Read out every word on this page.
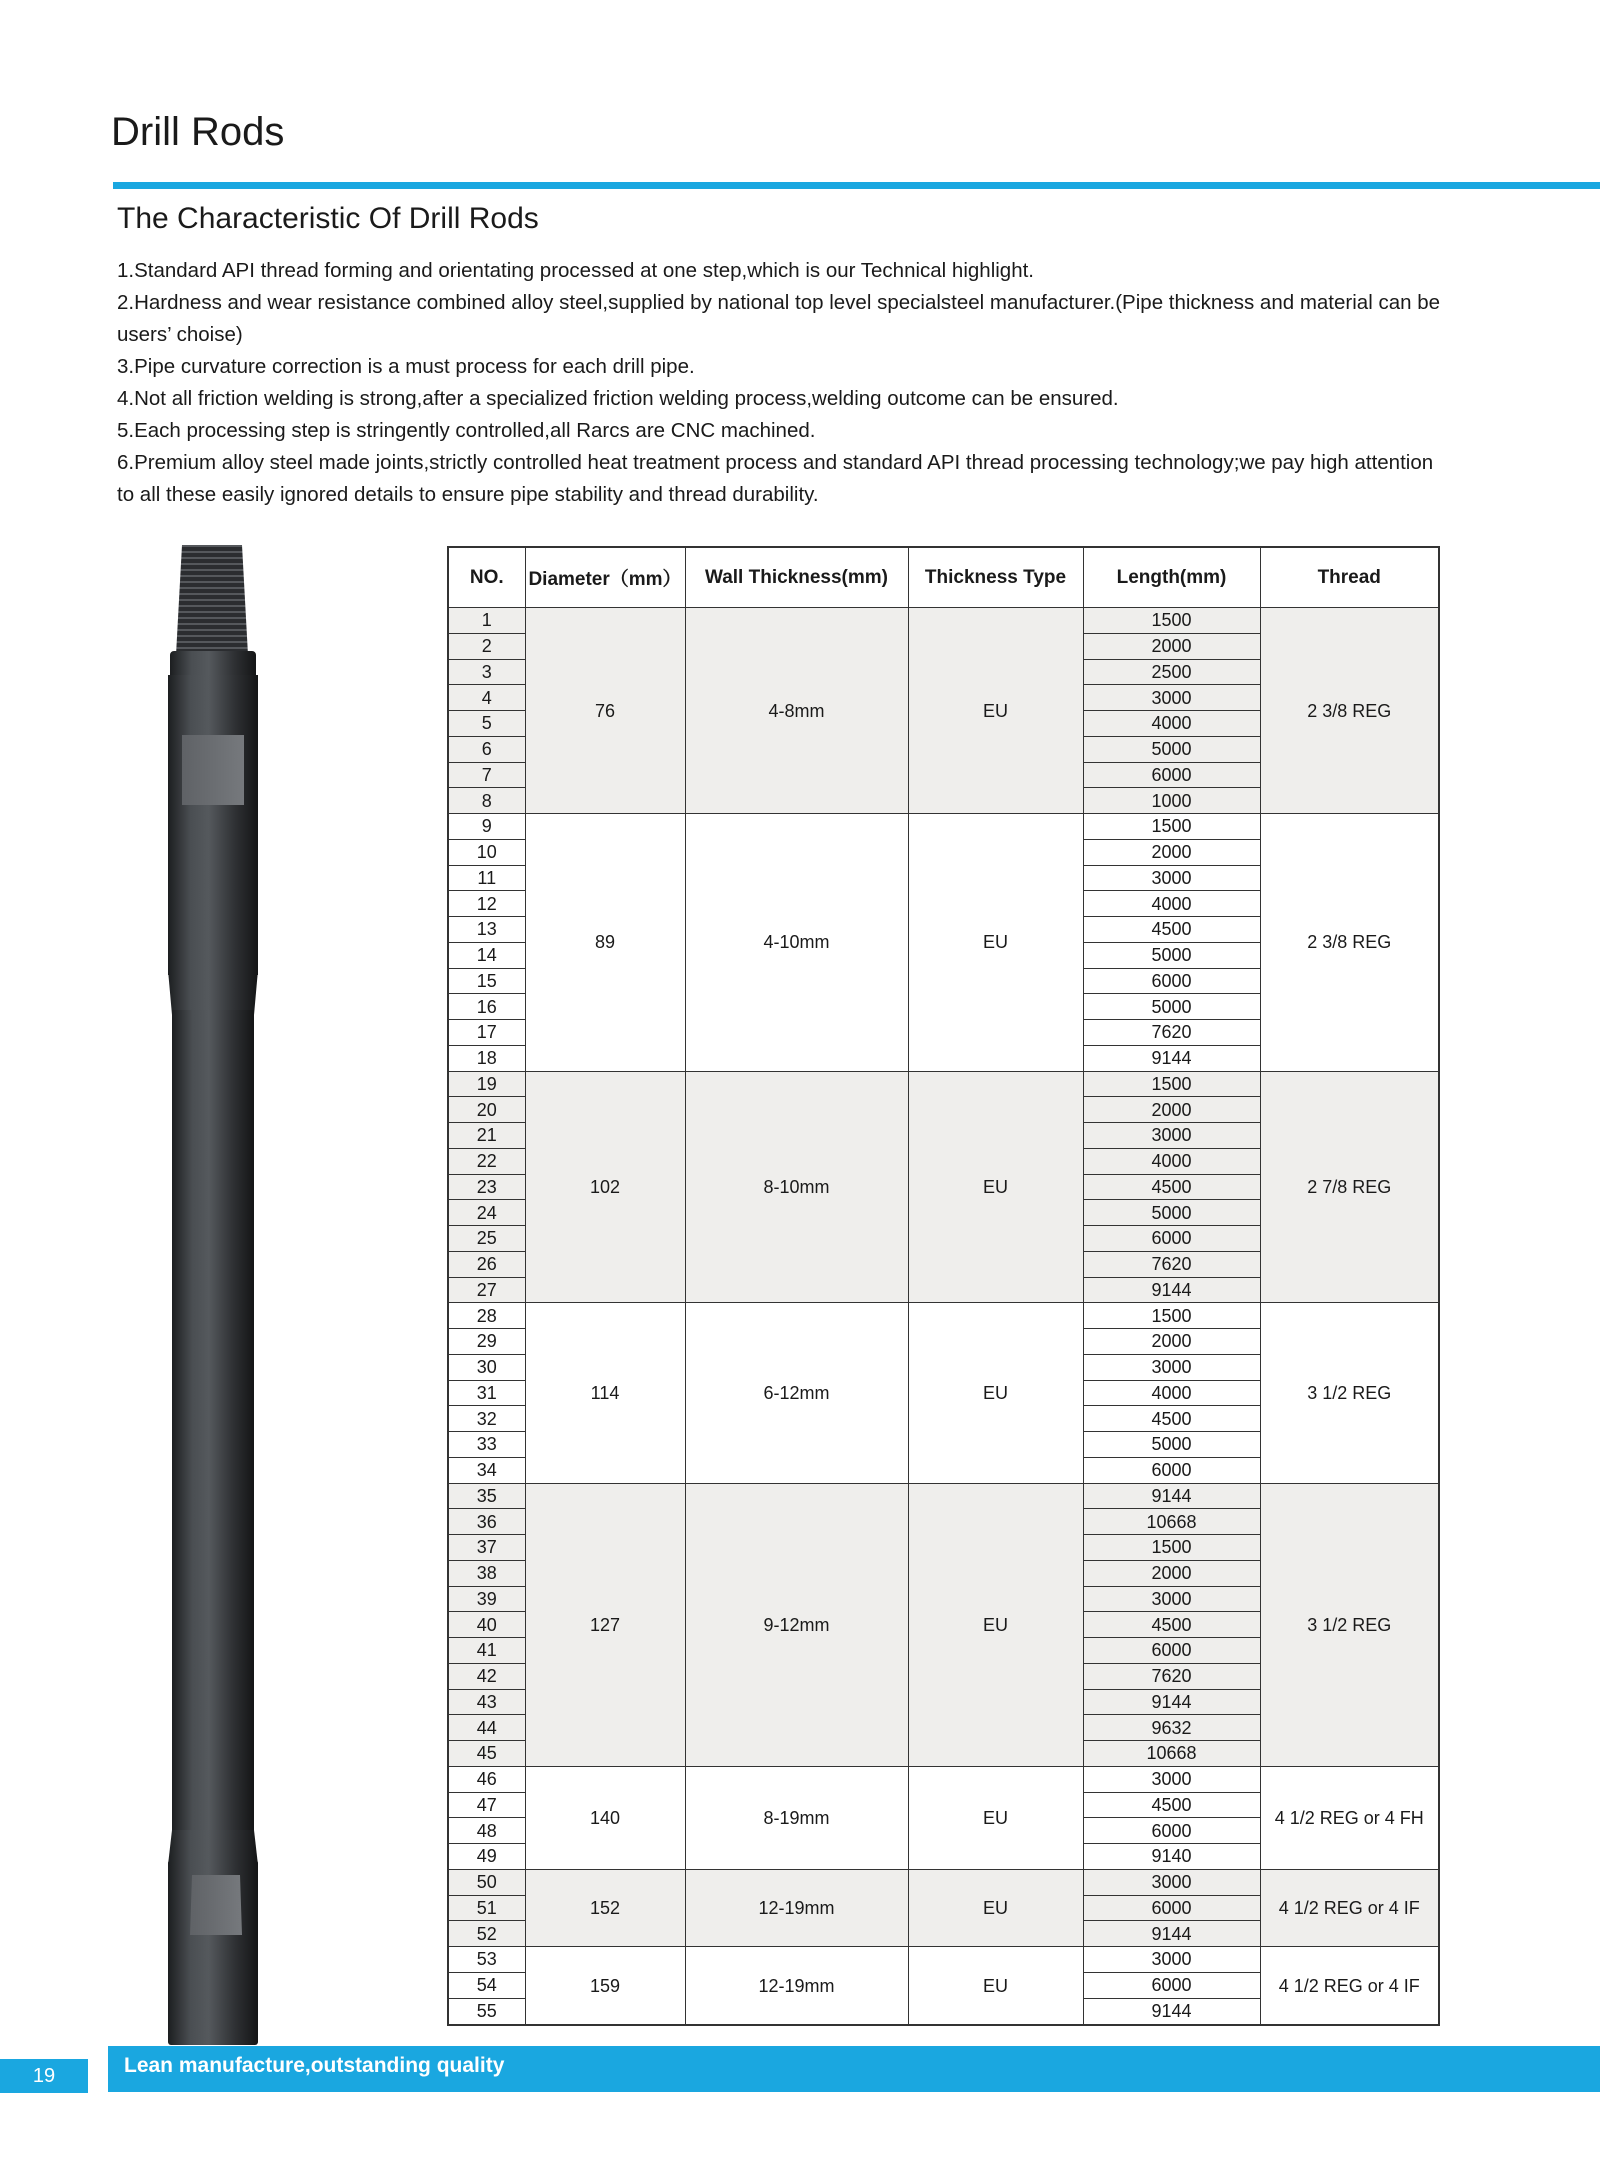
Drill Rods
The Characteristic Of Drill Rods
1.Standard API thread forming and orientating processed at one step,which is our Technical highlight.
2.Hardness and wear resistance combined alloy steel,supplied by national top level specialsteel manufacturer.(Pipe thickness and material can be users’ choise)
3.Pipe curvature correction is a must process for each drill pipe.
4.Not all friction welding is strong,after a specialized friction welding process,welding outcome can be ensured.
5.Each processing step is stringently controlled,all Rarcs are CNC machined.
6.Premium alloy steel made joints,strictly controlled heat treatment process and standard API thread processing technology;we pay high attention to all these easily ignored details to ensure pipe stability and thread durability.
NO.	Diameter（mm）	Wall Thickness(mm)	Thickness Type	Length(mm)	Thread
1	76	4-8mm	EU	1500	2 3/8 REG
2				2000	
3				2500	
4				3000	
5				4000	
6				5000	
7				6000	
8				1000	
9	89	4-10mm	EU	1500	2 3/8 REG
10				2000	
11				3000	
12				4000	
13				4500	
14				5000	
15				6000	
16				5000	
17				7620	
18				9144	
19	102	8-10mm	EU	1500	2 7/8 REG
20				2000	
21				3000	
22				4000	
23				4500	
24				5000	
25				6000	
26				7620	
27				9144	
28	114	6-12mm	EU	1500	3 1/2 REG
29				2000	
30				3000	
31				4000	
32				4500	
33				5000	
34				6000	
35	127	9-12mm	EU	9144	3 1/2 REG
36				10668	
37				1500	
38				2000	
39				3000	
40				4500	
41				6000	
42				7620	
43				9144	
44				9632	
45				10668	
46	140	8-19mm	EU	3000	4 1/2 REG or 4 FH
47				4500	
48				6000	
49				9140	
50	152	12-19mm	EU	3000	4 1/2 REG or 4 IF
51				6000	
52				9144	
53	159	12-19mm	EU	3000	4 1/2 REG or 4 IF
54				6000	
55				9144	
19	Lean manufacture,outstanding quality
